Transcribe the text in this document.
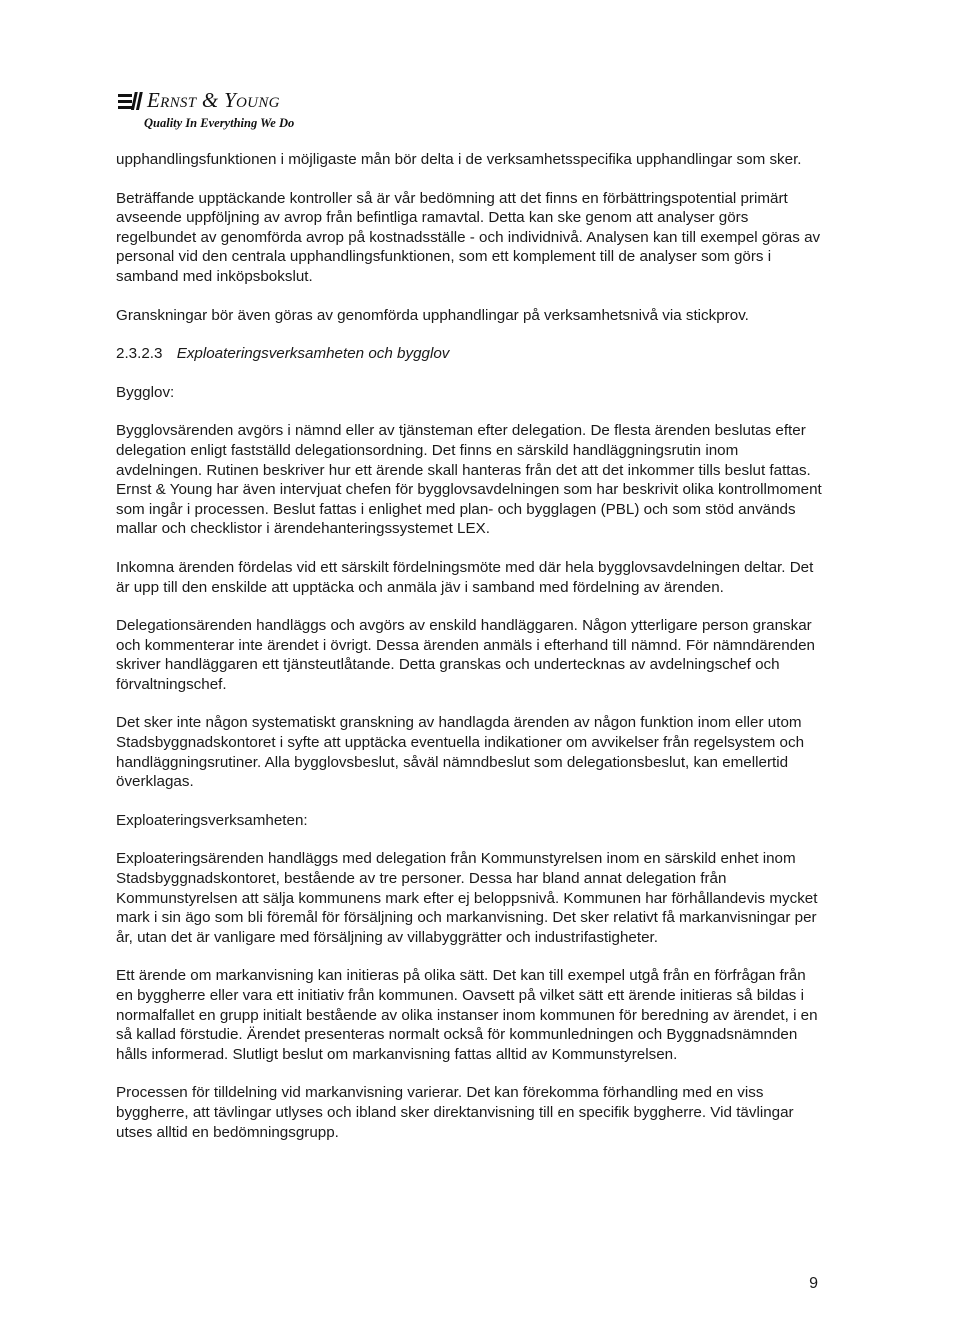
Ernst & Young
Quality In Everything We Do

upphandlingsfunktionen i möjligaste mån bör delta i de verksamhetsspecifika upphandlingar som sker.

Beträffande upptäckande kontroller så är vår bedömning att det finns en förbättringspotential primärt avseende uppföljning av avrop från befintliga ramavtal. Detta kan ske genom att analyser görs regelbundet av genomförda avrop på kostnadsställe - och individnivå. Analysen kan till exempel göras av personal vid den centrala upphandlingsfunktionen, som ett komplement till de analyser som görs i samband med inköpsbokslut.

Granskningar bör även göras av genomförda upphandlingar på verksamhetsnivå via stickprov.

2.3.2.3 Exploateringsverksamheten och bygglov

Bygglov:

Bygglovsärenden avgörs i nämnd eller av tjänsteman efter delegation. De flesta ärenden beslutas efter delegation enligt fastställd delegationsordning. Det finns en särskild handläggningsrutin inom avdelningen. Rutinen beskriver hur ett ärende skall hanteras från det att det inkommer tills beslut fattas. Ernst & Young har även intervjuat chefen för bygglovsavdelningen som har beskrivit olika kontrollmoment som ingår i processen. Beslut fattas i enlighet med plan- och bygglagen (PBL) och som stöd används mallar och checklistor i ärendehanteringssystemet LEX.

Inkomna ärenden fördelas vid ett särskilt fördelningsmöte med där hela bygglovsavdelningen deltar. Det är upp till den enskilde att upptäcka och anmäla jäv i samband med fördelning av ärenden.

Delegationsärenden handläggs och avgörs av enskild handläggaren. Någon ytterligare person granskar och kommenterar inte ärendet i övrigt. Dessa ärenden anmäls i efterhand till nämnd. För nämndärenden skriver handläggaren ett tjänsteutlåtande. Detta granskas och undertecknas av avdelningschef och förvaltningschef.

Det sker inte någon systematiskt granskning av handlagda ärenden av någon funktion inom eller utom Stadsbyggnadskontoret i syfte att upptäcka eventuella indikationer om avvikelser från regelsystem och handläggningsrutiner. Alla bygglovsbeslut, såväl nämndbeslut som delegationsbeslut, kan emellertid överklagas.

Exploateringsverksamheten:

Exploateringsärenden handläggs med delegation från Kommunstyrelsen inom en särskild enhet inom Stadsbyggnadskontoret, bestående av tre personer. Dessa har bland annat delegation från Kommunstyrelsen att sälja kommunens mark efter ej beloppsnivå. Kommunen har förhållandevis mycket mark i sin ägo som bli föremål för försäljning och markanvisning. Det sker relativt få markanvisningar per år, utan det är vanligare med försäljning av villabyggrätter och industrifastigheter.

Ett ärende om markanvisning kan initieras på olika sätt. Det kan till exempel utgå från en förfrågan från en byggherre eller vara ett initiativ från kommunen. Oavsett på vilket sätt ett ärende initieras så bildas i normalfallet en grupp initialt bestående av olika instanser inom kommunen för beredning av ärendet, i en så kallad förstudie. Ärendet presenteras normalt också för kommunledningen och Byggnadsnämnden hålls informerad. Slutligt beslut om markanvisning fattas alltid av Kommunstyrelsen.

Processen för tilldelning vid markanvisning varierar. Det kan förekomma förhandling med en viss byggherre, att tävlingar utlyses och ibland sker direktanvisning till en specifik byggherre. Vid tävlingar utses alltid en bedömningsgrupp.

9
